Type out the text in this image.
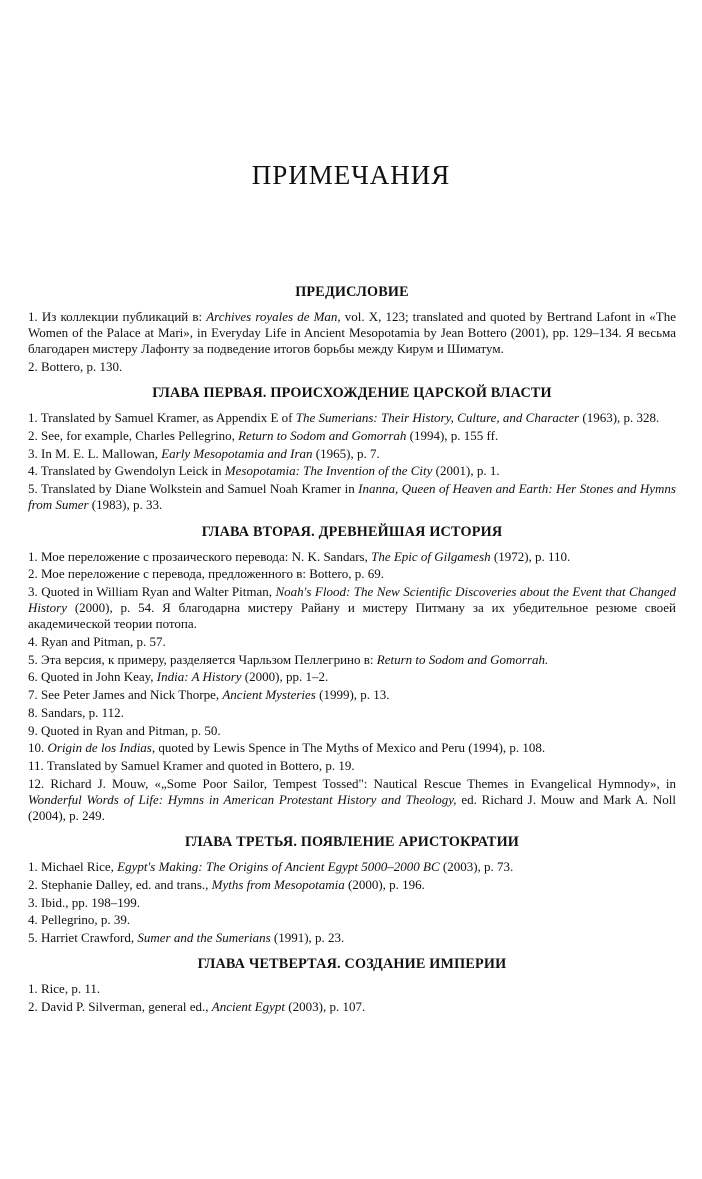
ПРИМЕЧАНИЯ
ПРЕДИСЛОВИЕ

1. Из коллекции публикаций в: Archives royales de Man, vol. X, 123; translated and quoted by Bertrand Lafont in «The Women of the Palace at Mari», in Everyday Life in Ancient Mesopotamia by Jean Bottero (2001), pp. 129–134. Я весьма благодарен мистеру Лафонту за подведение итогов борьбы между Кирум и Шиматум.

2. Bottero, p. 130.

ГЛАВА ПЕРВАЯ. ПРОИСХОЖДЕНИЕ ЦАРСКОЙ ВЛАСТИ

1. Translated by Samuel Kramer, as Appendix E of The Sumerians: Their History, Culture, and Character (1963), p. 328.

2. See, for example, Charles Pellegrino, Return to Sodom and Gomorrah (1994), p. 155 ff.

3. In M. E. L. Mallowan, Early Mesopotamia and Iran (1965), p. 7.

4. Translated by Gwendolyn Leick in Mesopotamia: The Invention of the City (2001), p. 1.

5. Translated by Diane Wolkstein and Samuel Noah Kramer in Inanna, Queen of Heaven and Earth: Her Stones and Hymns from Sumer (1983), p. 33.

ГЛАВА ВТОРАЯ. ДРЕВНЕЙШАЯ ИСТОРИЯ

1. Мое переложение с прозаического перевода: N. K. Sandars, The Epic of Gilgamesh (1972), p. 110.

2. Мое переложение с перевода, предложенного в: Bottero, p. 69.

3. Quoted in William Ryan and Walter Pitman, Noah's Flood: The New Scientific Discoveries about the Event that Changed History (2000), p. 54. Я благодарна мистеру Райану и мистеру Питману за их убедительное резюме своей академической теории потопа.

4. Ryan and Pitman, p. 57.

5. Эта версия, к примеру, разделяется Чарльзом Пеллегрино в: Return to Sodom and Gomorrah.

6. Quoted in John Keay, India: A History (2000), pp. 1–2.

7. See Peter James and Nick Thorpe, Ancient Mysteries (1999), p. 13.

8. Sandars, p. 112.

9. Quoted in Ryan and Pitman, p. 50.

10. Origin de los Indias, quoted by Lewis Spence in The Myths of Mexico and Peru (1994), p. 108.

11. Translated by Samuel Kramer and quoted in Bottero, p. 19.

12. Richard J. Mouw, «„Some Poor Sailor, Tempest Tossed": Nautical Rescue Themes in Evangelical Hymnody», in Wonderful Words of Life: Hymns in American Protestant History and Theology, ed. Richard J. Mouw and Mark A. Noll (2004), p. 249.

ГЛАВА ТРЕТЬЯ. ПОЯВЛЕНИЕ АРИСТОКРАТИИ

1. Michael Rice, Egypt's Making: The Origins of Ancient Egypt 5000–2000 BC (2003), p. 73.

2. Stephanie Dalley, ed. and trans., Myths from Mesopotamia (2000), p. 196.

3. Ibid., pp. 198–199.

4. Pellegrino, p. 39.

5. Harriet Crawford, Sumer and the Sumerians (1991), p. 23.

ГЛАВА ЧЕТВЕРТАЯ. СОЗДАНИЕ ИМПЕРИИ

1. Rice, p. 11.

2. David P. Silverman, general ed., Ancient Egypt (2003), p. 107.
